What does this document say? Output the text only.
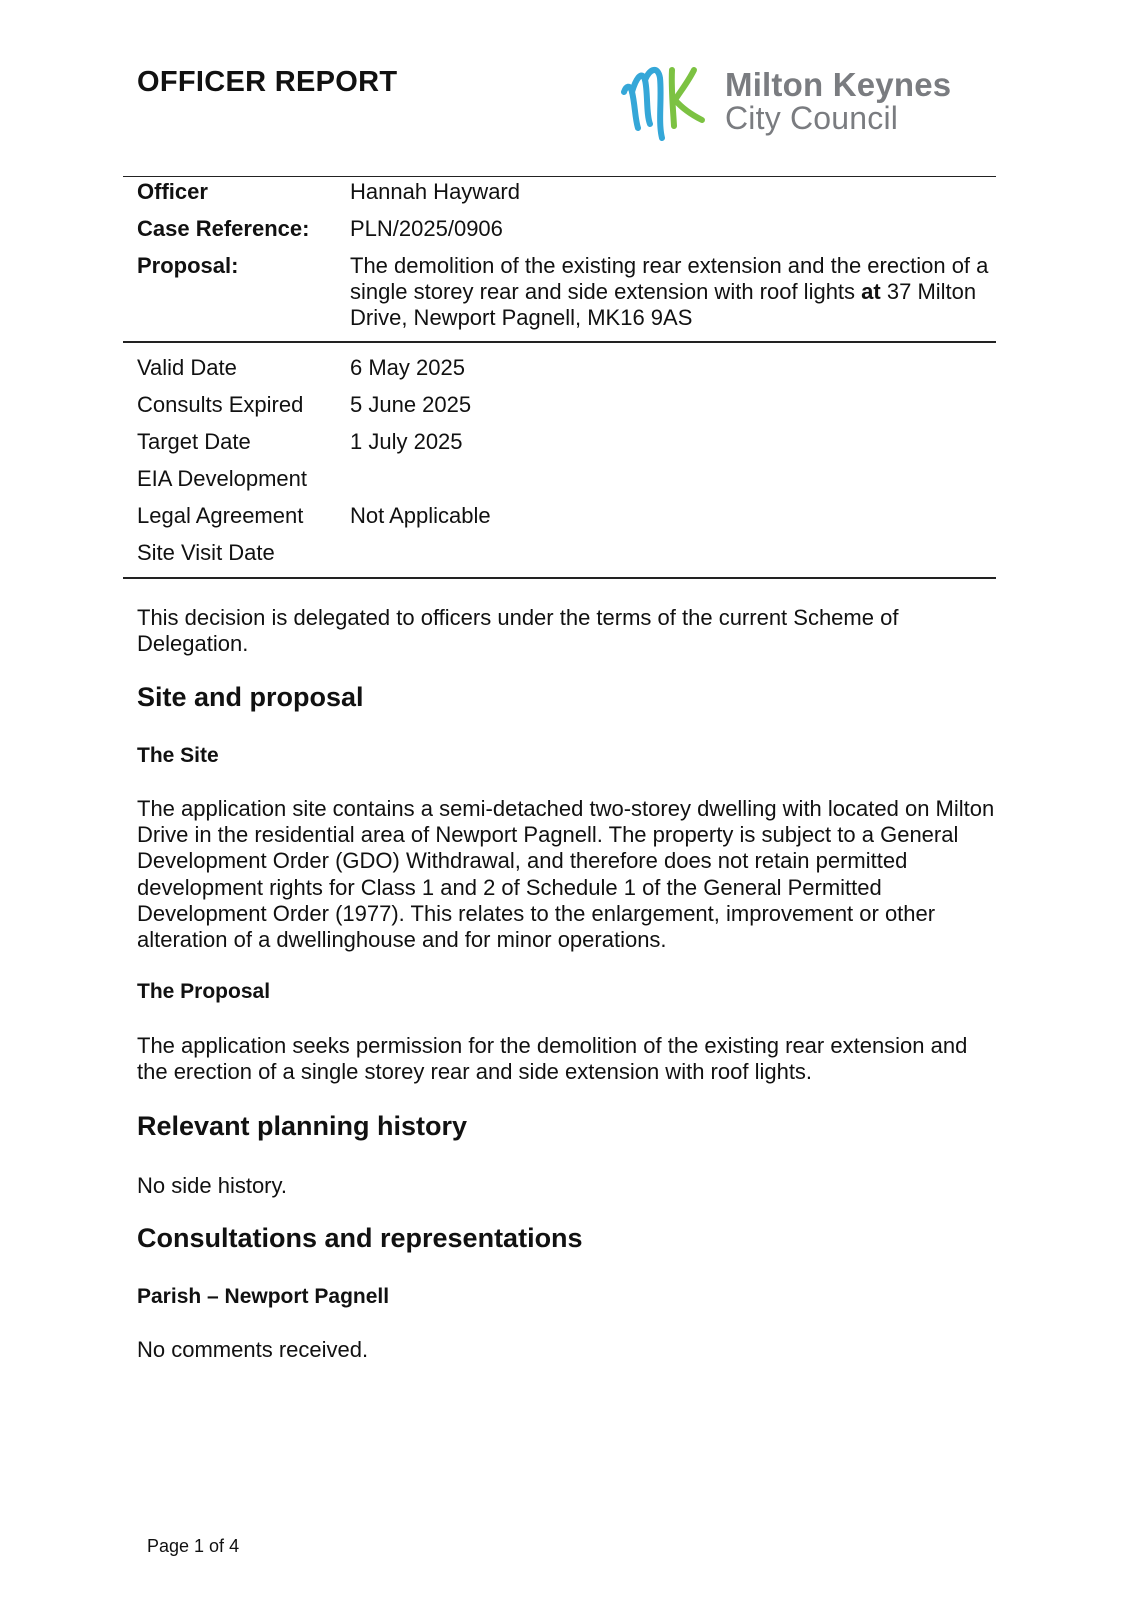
OFFICER REPORT	Milton Keynes
City Council
Officer	Hannah Hayward
Case Reference:	PLN/2025/0906
Proposal:	The demolition of the existing rear extension and the erection of a single storey rear and side extension with roof lights at 37 Milton Drive, Newport Pagnell, MK16 9AS
Valid Date	6 May 2025
Consults Expired	5 June 2025
Target Date	1 July 2025
EIA Development
Legal Agreement	Not Applicable
Site Visit Date
This decision is delegated to officers under the terms of the current Scheme of Delegation.
Site and proposal
The Site
The application site contains a semi-detached two-storey dwelling with located on Milton Drive in the residential area of Newport Pagnell. The property is subject to a General Development Order (GDO) Withdrawal, and therefore does not retain permitted development rights for Class 1 and 2 of Schedule 1 of the General Permitted Development Order (1977). This relates to the enlargement, improvement or other alteration of a dwellinghouse and for minor operations.
The Proposal
The application seeks permission for the demolition of the existing rear extension and the erection of a single storey rear and side extension with roof lights.
Relevant planning history
No side history.
Consultations and representations
Parish – Newport Pagnell
No comments received.
Page 1 of 4
